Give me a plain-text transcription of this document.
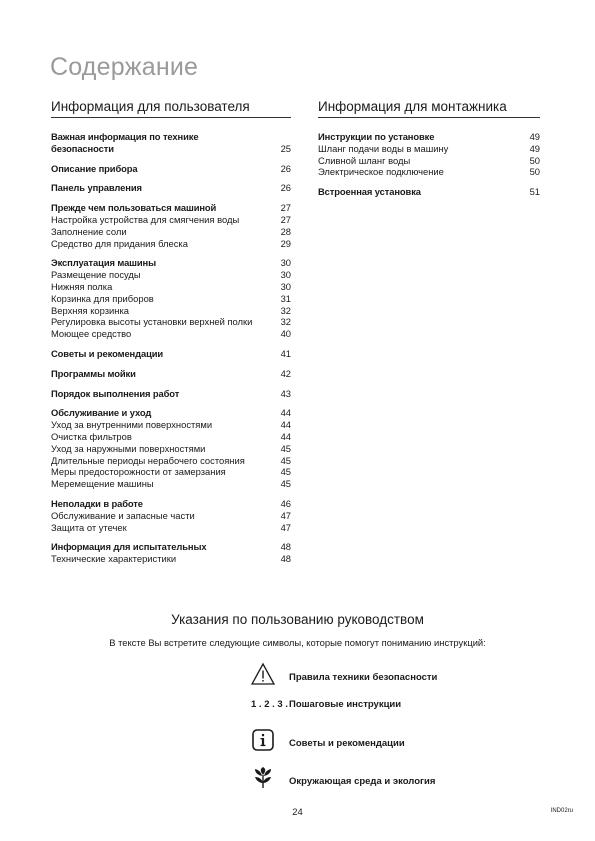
Содержание
Информация для пользователя
Важная информация по технике безопасности	25
Описание прибора	26
Панель управления	26
Прежде чем пользоваться машиной	27
Настройка устройства для смягчения воды	27
Заполнение соли	28
Средство для придания блеска	29
Эксплуатация машины	30
Размещение посуды	30
Нижняя полка	30
Корзинка для приборов	31
Верхняя корзинка	32
Регулировка высоты установки верхней полки	32
Моющее средство	40
Советы и рекомендации	41
Программы мойки	42
Порядок выполнения работ	43
Обслуживание и уход	44
Уход за внутренними поверхностями	44
Очистка фильтров	44
Уход за наружными поверхностями	45
Длительные периоды нерабочего состояния	45
Меры предосторожности от замерзания	45
Меремещение машины	45
Неполадки в работе	46
Обслуживание и запасные части	47
Защита от утечек	47
Информация для испытательных	48
Технические характеристики	48
Информация для монтажника
Инструкции по установке	49
Шланг подачи воды в машину	49
Сливной шланг воды	50
Электрическое подключение	50
Встроенная установка	51
Указания по пользованию руководством
В тексте Вы встретите следующие символы, которые помогут пониманию инструкций:
Правила техники безопасности
1 . 2 . 3 . Пошаговые инструкции
Советы и рекомендации
Окружающая среда и экология
24	IND02ru
